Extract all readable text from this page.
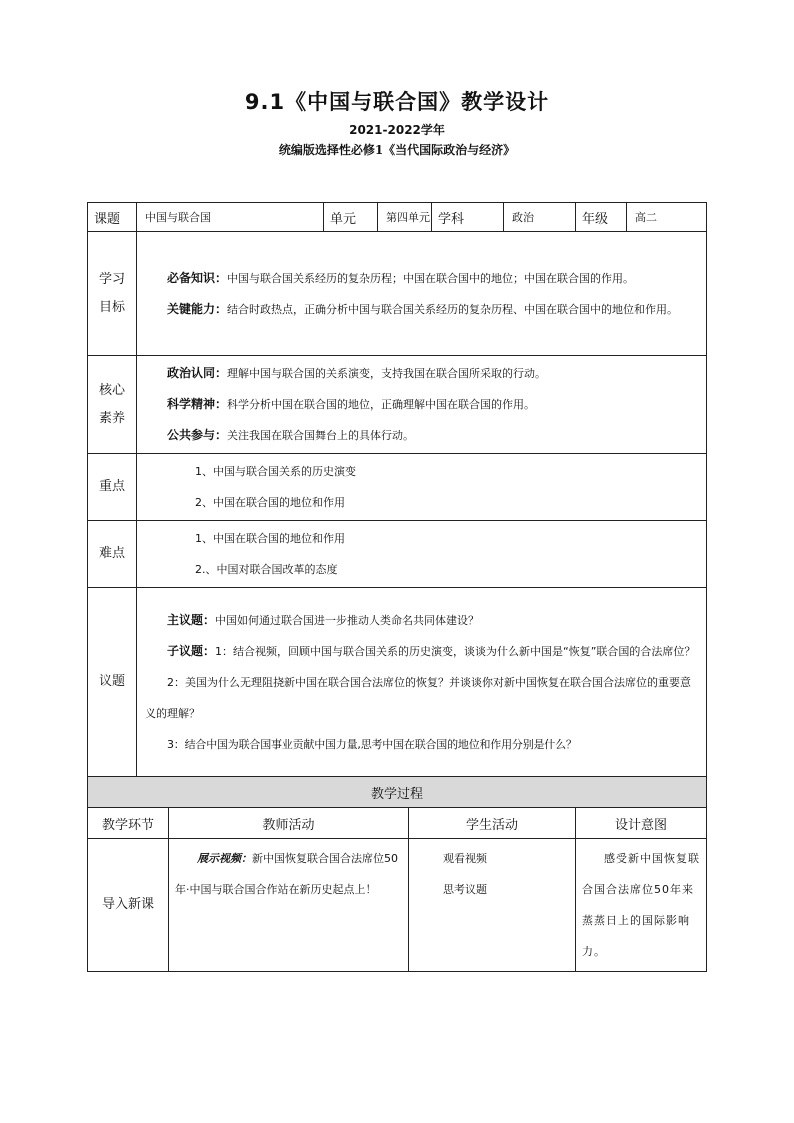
9.1《中国与联合国》教学设计
2021-2022学年
统编版选择性必修1《当代国际政治与经济》
课题	中国与联合国		单元	第四单元		学科	政治	年级	高二
学习目标	必备知识：中国与联合国关系经历的复杂历程；中国在联合国中的地位；中国在联合国的作用。

关键能力：结合时政热点，正确分析中国与联合国关系经历的复杂历程、中国在联合国中的地位和作用。								

核心素养	政治认同：理解中国与联合国的关系演变，支持我国在联合国所采取的行动。

科学精神：科学分析中国在联合国的地位，正确理解中国在联合国的作用。

公共参与：关注我国在联合国舞台上的具体行动。								

重点	1、中国与联合国关系的历史演变

2、中国在联合国的地位和作用								

难点	1、中国在联合国的地位和作用

2.、中国对联合国改革的态度								

议题	主议题：中国如何通过联合国进一步推动人类命名共同体建设？

子议题：1：结合视频，回顾中国与联合国关系的历史演变，谈谈为什么新中国是“恢复”联合国的合法席位？

2：美国为什么无理阻挠新中国在联合国合法席位的恢复？并谈谈你对新中国恢复在联合国合法席位的重要意义的理解？

3：结合中国为联合国事业贡献中国力量,思考中国在联合国的地位和作用分别是什么？								

教学过程									
教学环节		教师活动			学生活动			设计意图	
导入新课		展示视频：新中国恢复联合国合法席位50年·中国与联合国合作站在新历史起点上！			观看视频

思考议题			感受新中国恢复联合国合法席位50年来蒸蒸日上的国际影响力。	
